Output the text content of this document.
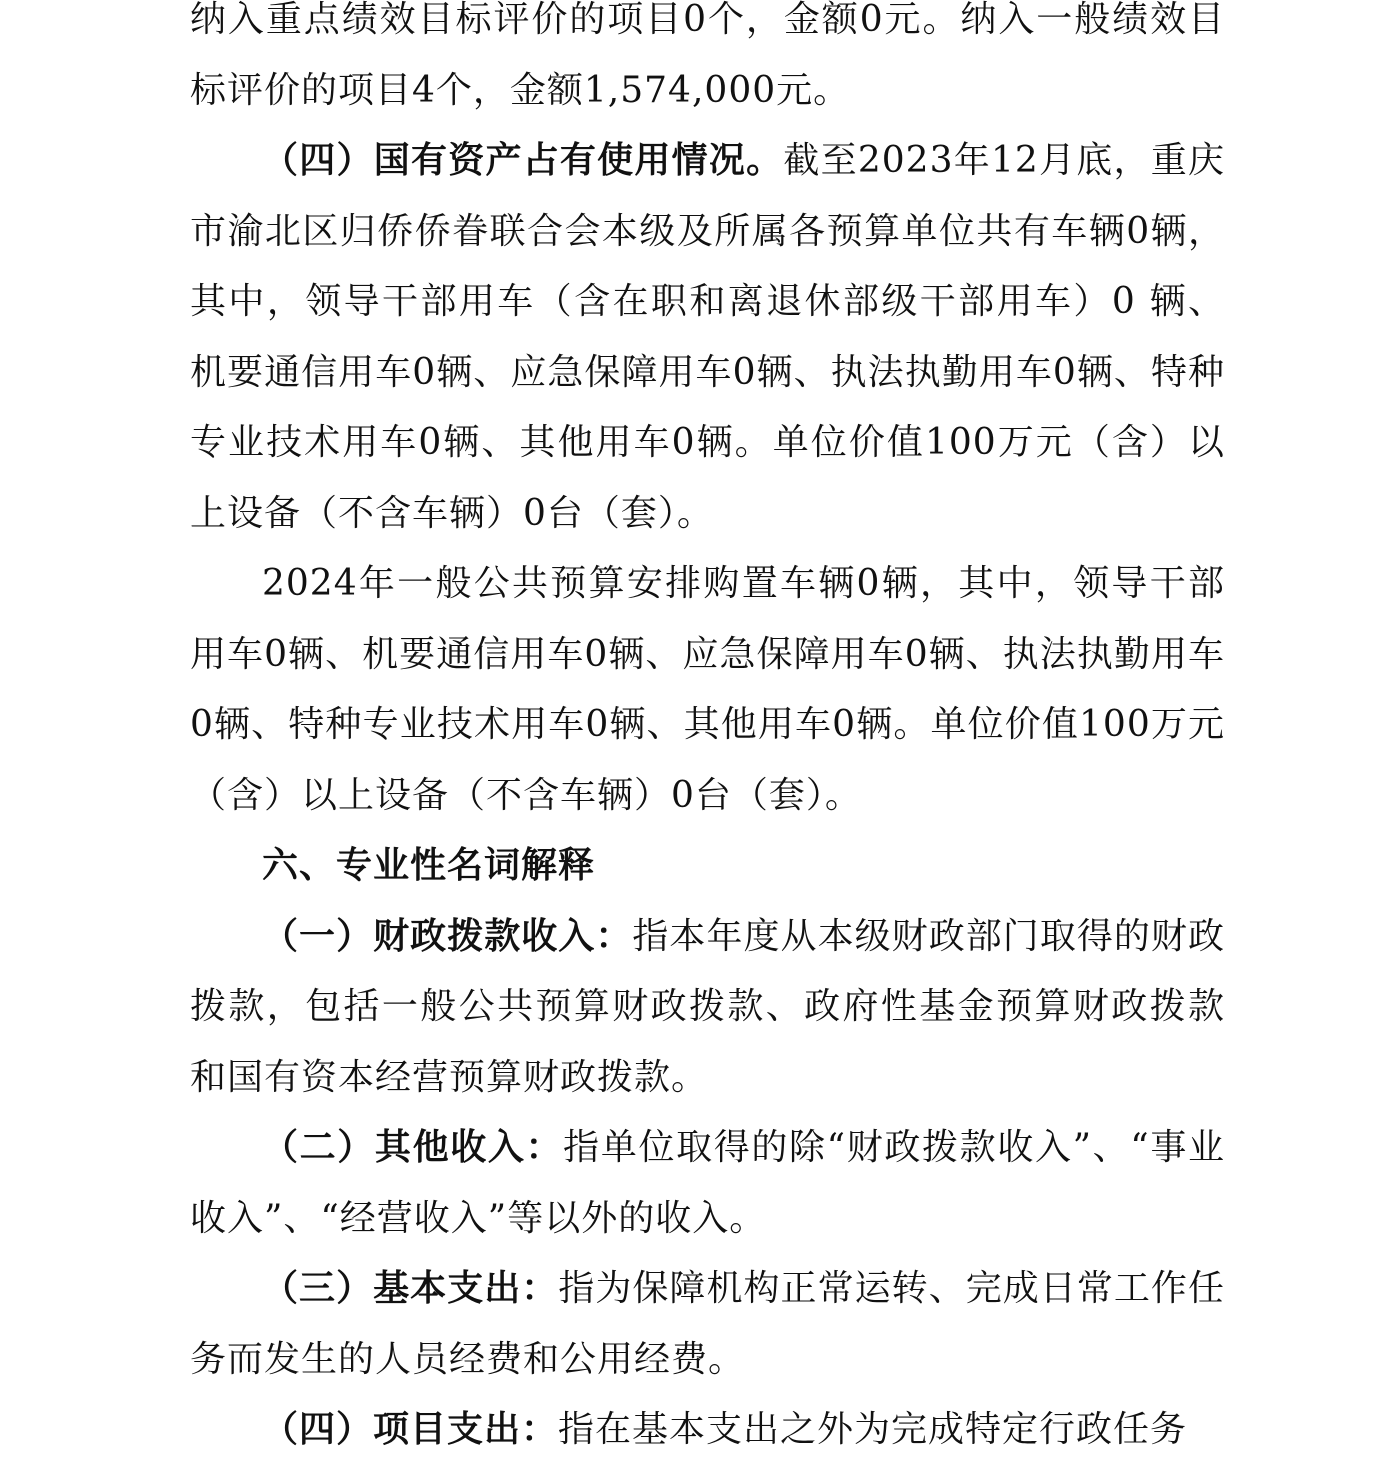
纳入重点绩效目标评价的项目0个，金额0元。纳入一般绩效目标评价的项目4个，金额1,574,000元。

（四）国有资产占有使用情况。截至2023年12月底，重庆市渝北区归侨侨眷联合会本级及所属各预算单位共有车辆0辆，其中，领导干部用车（含在职和离退休部级干部用车）0 辆、机要通信用车0辆、应急保障用车0辆、执法执勤用车0辆、特种专业技术用车0辆、其他用车0辆。单位价值100万元（含）以上设备（不含车辆）0台（套）。

2024年一般公共预算安排购置车辆0辆，其中，领导干部用车0辆、机要通信用车0辆、应急保障用车0辆、执法执勤用车0辆、特种专业技术用车0辆、其他用车0辆。单位价值100万元（含）以上设备（不含车辆）0台（套）。

六、专业性名词解释

（一）财政拨款收入：指本年度从本级财政部门取得的财政拨款，包括一般公共预算财政拨款、政府性基金预算财政拨款和国有资本经营预算财政拨款。

（二）其他收入：指单位取得的除“财政拨款收入”、“事业收入”、“经营收入”等以外的收入。

（三）基本支出：指为保障机构正常运转、完成日常工作任务而发生的人员经费和公用经费。

（四）项目支出：指在基本支出之外为完成特定行政任务
